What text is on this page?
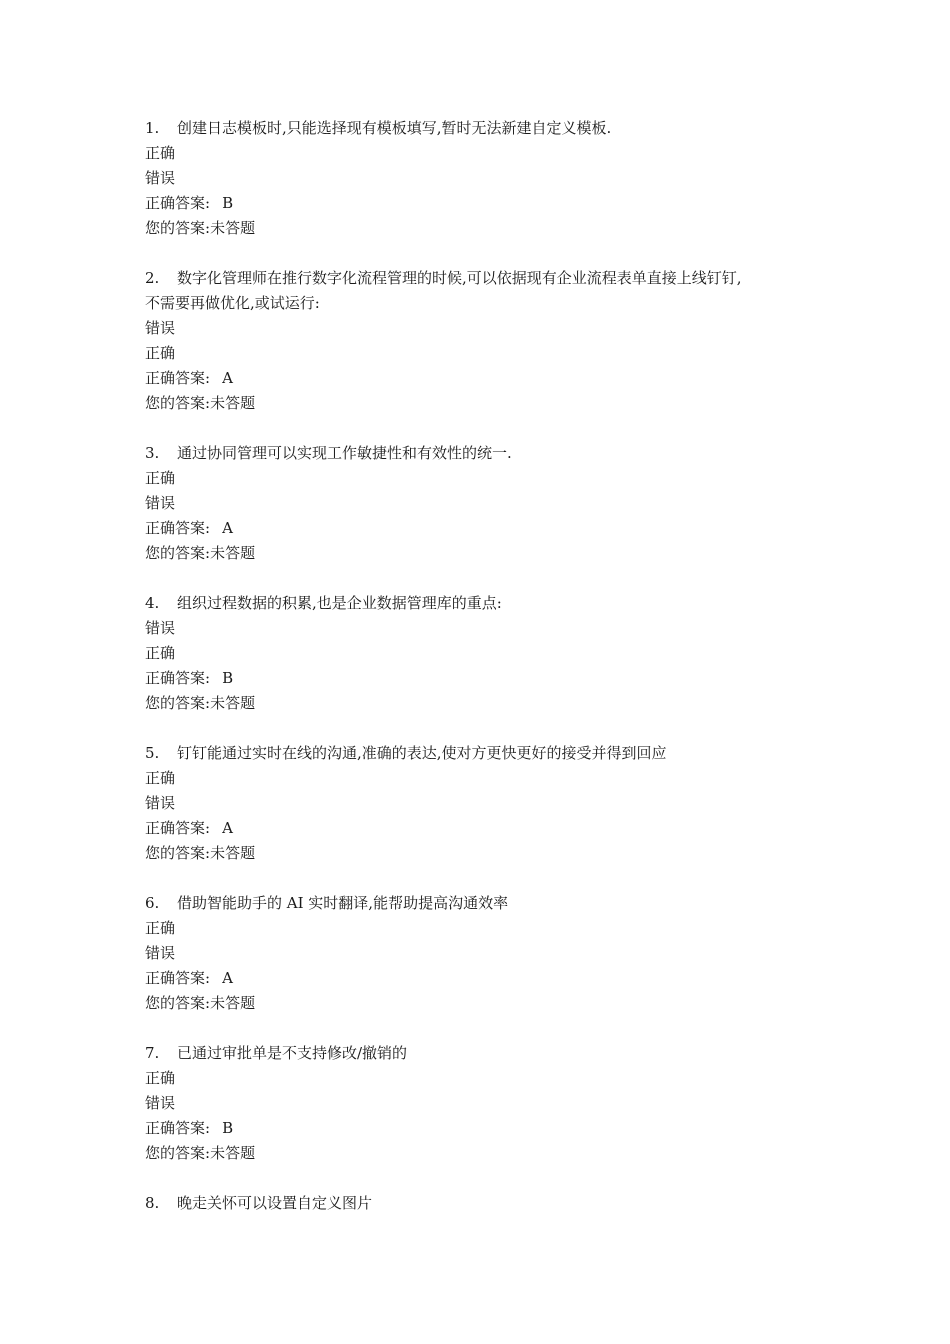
1. 创建日志模板时,只能选择现有模板填写,暂时无法新建自定义模板.
正确
错误
正确答案: B
您的答案:未答题
2. 数字化管理师在推行数字化流程管理的时候,可以依据现有企业流程表单直接上线钉钉,
不需要再做优化,或试运行:
错误
正确
正确答案: A
您的答案:未答题
3. 通过协同管理可以实现工作敏捷性和有效性的统一.
正确
错误
正确答案: A
您的答案:未答题
4. 组织过程数据的积累,也是企业数据管理库的重点:
错误
正确
正确答案: B
您的答案:未答题
5. 钉钉能通过实时在线的沟通,准确的表达,使对方更快更好的接受并得到回应
正确
错误
正确答案: A
您的答案:未答题
6. 借助智能助手的 AI 实时翻译,能帮助提高沟通效率
正确
错误
正确答案: A
您的答案:未答题
7. 已通过审批单是不支持修改/撤销的
正确
错误
正确答案: B
您的答案:未答题
8. 晚走关怀可以设置自定义图片
